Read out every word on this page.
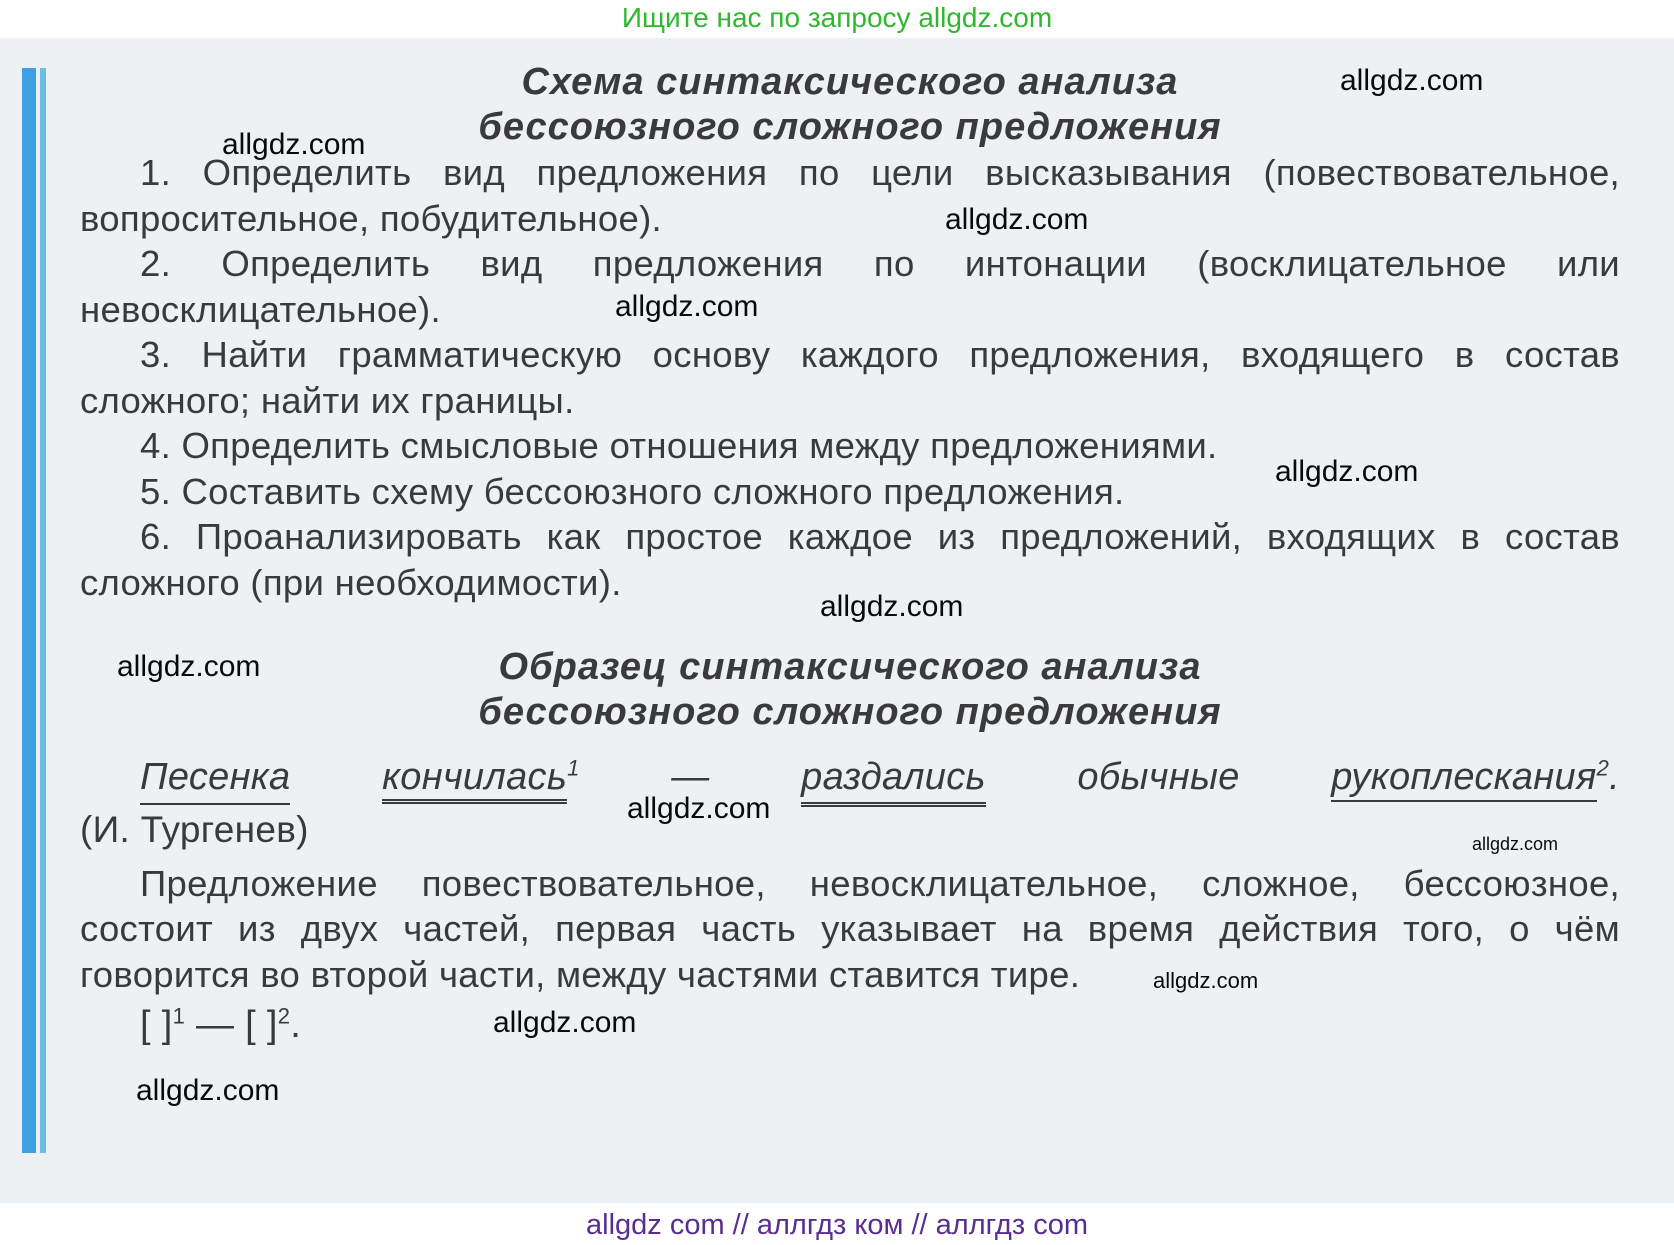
Ищите нас по запросу allgdz.com
Схема синтаксического анализа
бессоюзного сложного предложения

1. Определить вид предложения по цели высказывания (повествовательное, вопросительное, побудительное).

2. Определить вид предложения по интонации (восклицательное или невосклицательное).

3. Найти грамматическую основу каждого предложения, входящего в состав сложного; найти их границы.

4. Определить смысловые отношения между предложениями.

5. Составить схему бессоюзного сложного предложения.

6. Проанализировать как простое каждое из предложений, входящих в состав сложного (при необходимости).

Образец синтаксического анализа
бессоюзного сложного предложения
Песенка кончилась$^1$ — раздались обычные рукоплескания$^2$.

(И. Тургенев)

Предложение повествовательное, невосклицательное, сложное, бессоюзное, состоит из двух частей, первая часть указывает на время действия того, о чём говорится во второй части, между частями ставится тире.

[ ]$^1$ — [ ]$^2$.
allgdz.com
allgdz.com
allgdz.com
allgdz.com
allgdz.com
allgdz.com
allgdz.com
allgdz.com
allgdz.com
allgdz.com
allgdz.com
allgdz.com
allgdz com // аллгдз ком // аллгдз com
